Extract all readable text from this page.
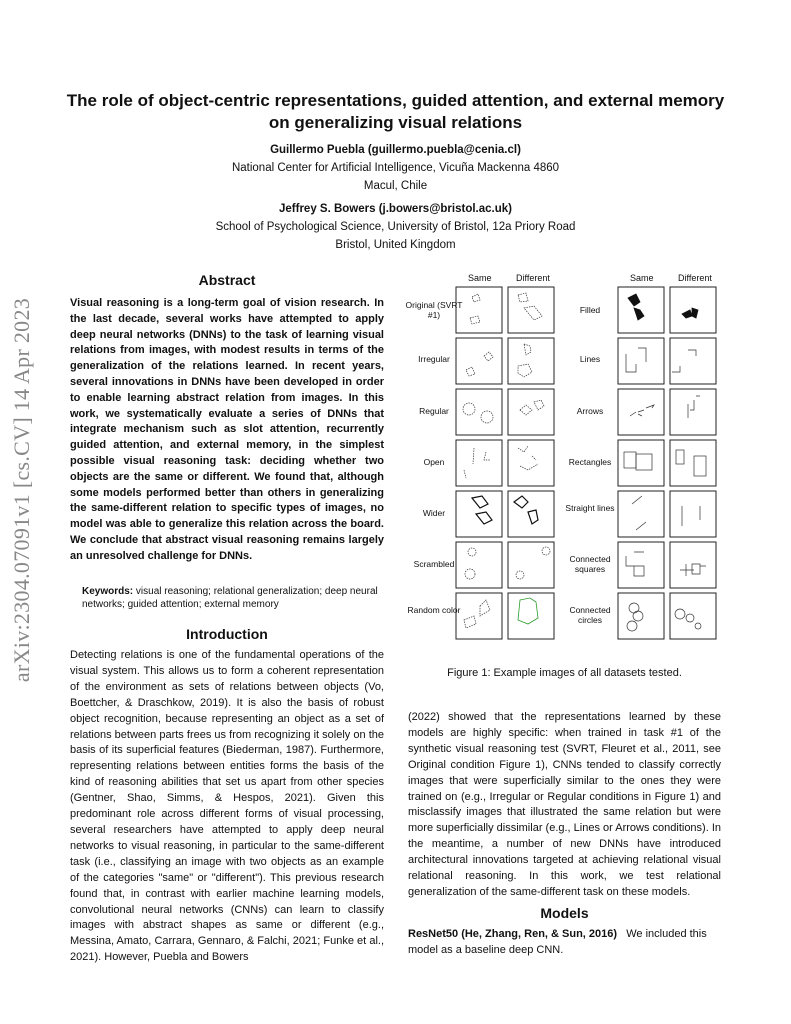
arXiv:2304.07091v1 [cs.CV] 14 Apr 2023
The role of object-centric representations, guided attention, and external memory
on generalizing visual relations
Guillermo Puebla (guillermo.puebla@cenia.cl)
National Center for Artificial Intelligence, Vicuña Mackenna 4860
Macul, Chile
Jeffrey S. Bowers (j.bowers@bristol.ac.uk)
School of Psychological Science, University of Bristol, 12a Priory Road
Bristol, United Kingdom
Abstract
Visual reasoning is a long-term goal of vision research. In the last decade, several works have attempted to apply deep neural networks (DNNs) to the task of learning visual relations from images, with modest results in terms of the generalization of the relations learned. In recent years, several innovations in DNNs have been developed in order to enable learning abstract relation from images. In this work, we systematically evaluate a series of DNNs that integrate mechanism such as slot attention, recurrently guided attention, and external memory, in the simplest possible visual reasoning task: deciding whether two objects are the same or different. We found that, although some models performed better than others in generalizing the same-different relation to specific types of images, no model was able to generalize this relation across the board. We conclude that abstract visual reasoning remains largely an unresolved challenge for DNNs.
Keywords: visual reasoning; relational generalization; deep neural networks; guided attention; external memory
Introduction
Detecting relations is one of the fundamental operations of the visual system. This allows us to form a coherent representation of the environment as sets of relations between objects (Vo, Boettcher, & Draschkow, 2019). It is also the basis of robust object recognition, because representing an object as a set of relations between parts frees us from recognizing it solely on the basis of its superficial features (Biederman, 1987). Furthermore, representing relations between entities forms the basis of the kind of reasoning abilities that set us apart from other species (Gentner, Shao, Simms, & Hespos, 2021). Given this predominant role across different forms of visual processing, several researchers have attempted to apply deep neural networks to visual reasoning, in particular to the same-different task (i.e., classifying an image with two objects as an example of the categories "same" or "different"). This previous research found that, in contrast with earlier machine learning models, convolutional neural networks (CNNs) can learn to classify images with abstract shapes as same or different (e.g., Messina, Amato, Carrara, Gennaro, & Falchi, 2021; Funke et al., 2021). However, Puebla and Bowers
Same	Different	Same	Different
Original (SVRT #1)
Irregular
Regular
Open
Wider
Scrambled
Random color
Filled
Lines
Arrows
Rectangles
Straight lines
Connected squares
Connected circles
Figure 1: Example images of all datasets tested.
(2022) showed that the representations learned by these models are highly specific: when trained in task #1 of the synthetic visual reasoning test (SVRT, Fleuret et al., 2011, see Original condition Figure 1), CNNs tended to classify correctly images that were superficially similar to the ones they were trained on (e.g., Irregular or Regular conditions in Figure 1) and misclassify images that illustrated the same relation but were more superficially dissimilar (e.g., Lines or Arrows conditions). In the meantime, a number of new DNNs have introduced architectural innovations targeted at achieving relational visual relational reasoning. In this work, we test relational generalization of the same-different task on these models.
Models
ResNet50 (He, Zhang, Ren, & Sun, 2016) We included this model as a baseline deep CNN.
